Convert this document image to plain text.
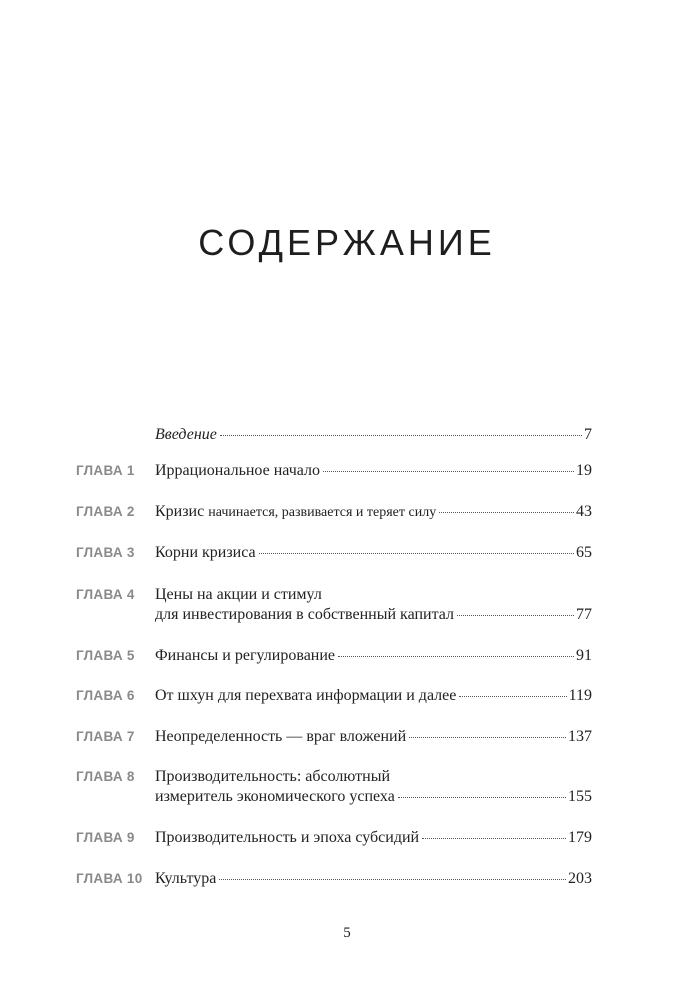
СОДЕРЖАНИЕ
Введение	7
ГЛАВА 1 Иррациональное начало	19
ГЛАВА 2 Кризис начинается, развивается и теряет силу	43
ГЛАВА 3 Корни кризиса	65
ГЛАВА 4 Цены на акции и стимул
для инвестирования в собственный капитал	77
ГЛАВА 5 Финансы и регулирование	91
ГЛАВА 6 От шхун для перехвата информации и далее	119
ГЛАВА 7 Неопределенность — враг вложений	137
ГЛАВА 8 Производительность: абсолютный
измеритель экономического успеха	155
ГЛАВА 9 Производительность и эпоха субсидий	179
ГЛАВА 10 Культура	203
5
